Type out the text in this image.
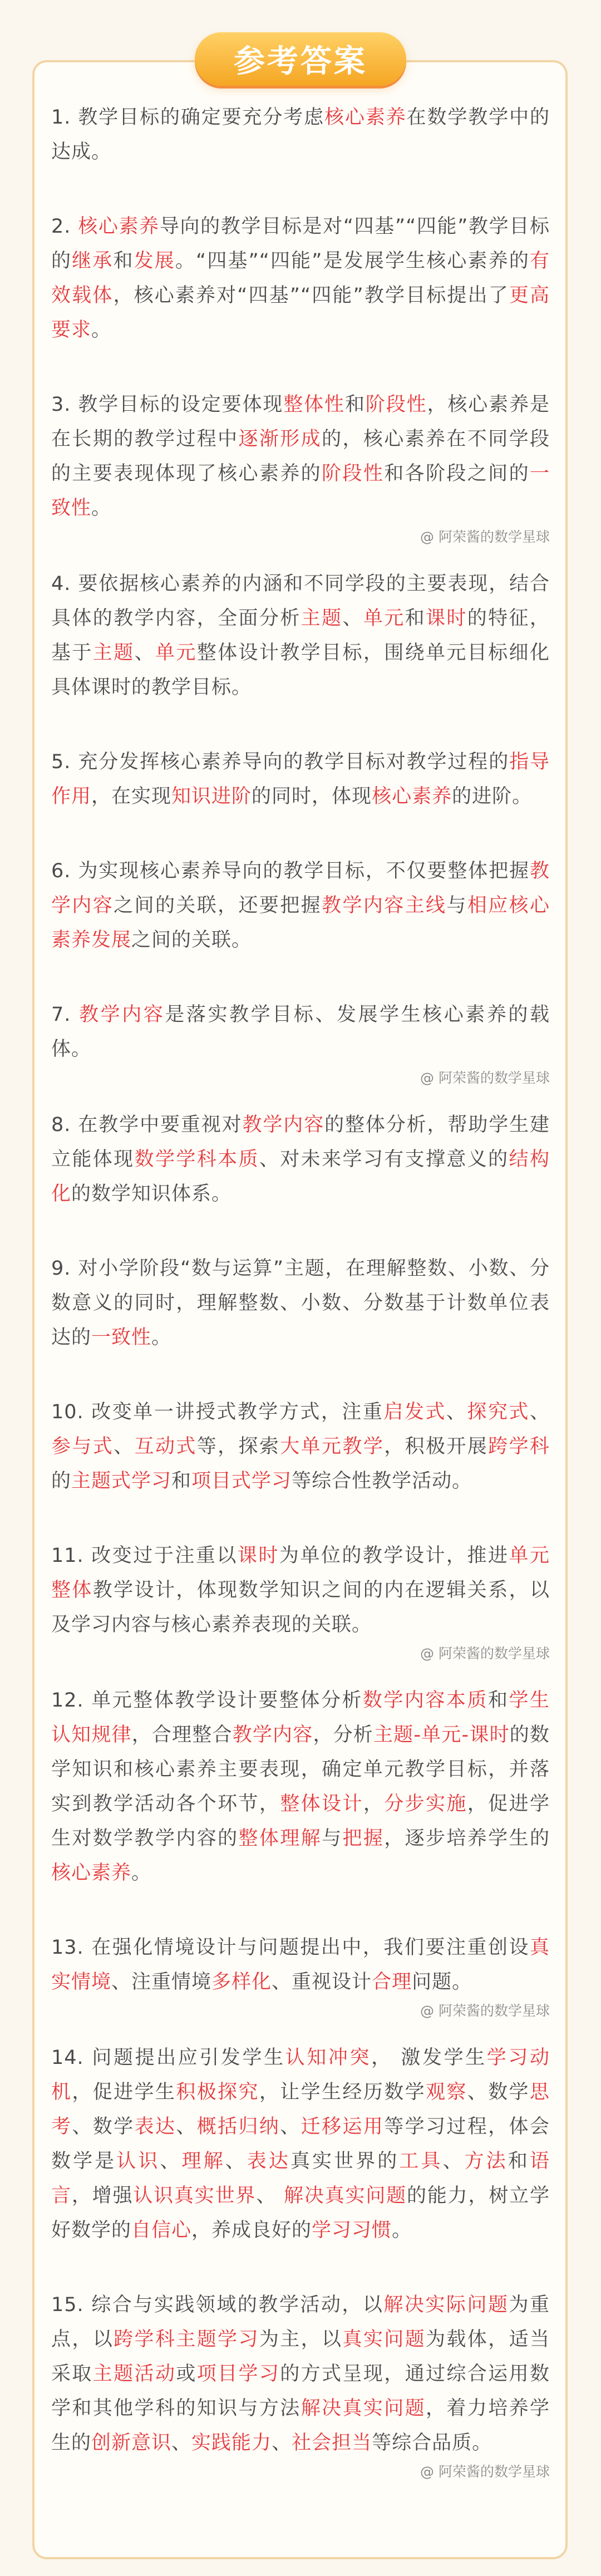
参考答案
1. 教学目标的确定要充分考虑核心素养在数学教学中的达成。
2. 核心素养导向的教学目标是对“四基”“四能”教学目标的继承和发展。“四基”“四能”是发展学生核心素养的有效载体，核心素养对“四基”“四能”教学目标提出了更高要求。
3. 教学目标的设定要体现整体性和阶段性，核心素养是在长期的教学过程中逐渐形成的，核心素养在不同学段的主要表现体现了核心素养的阶段性和各阶段之间的一致性。
@ 阿荣酱的数学星球
4. 要依据核心素养的内涵和不同学段的主要表现，结合具体的教学内容，全面分析主题、单元和课时的特征，基于主题、单元整体设计教学目标，围绕单元目标细化具体课时的教学目标。
5. 充分发挥核心素养导向的教学目标对教学过程的指导作用，在实现知识进阶的同时，体现核心素养的进阶。
6. 为实现核心素养导向的教学目标，不仅要整体把握教学内容之间的关联，还要把握教学内容主线与相应核心素养发展之间的关联。
7. 教学内容是落实教学目标、发展学生核心素养的载体。
@ 阿荣酱的数学星球
8. 在教学中要重视对教学内容的整体分析，帮助学生建立能体现数学学科本质、对未来学习有支撑意义的结构化的数学知识体系。
9. 对小学阶段“数与运算”主题，在理解整数、小数、分数意义的同时，理解整数、小数、分数基于计数单位表达的一致性。
10. 改变单一讲授式教学方式，注重启发式、探究式、参与式、互动式等，探索大单元教学，积极开展跨学科的主题式学习和项目式学习等综合性教学活动。
11. 改变过于注重以课时为单位的教学设计，推进单元整体教学设计，体现数学知识之间的内在逻辑关系，以及学习内容与核心素养表现的关联。
@ 阿荣酱的数学星球
12. 单元整体教学设计要整体分析数学内容本质和学生认知规律，合理整合教学内容，分析主题-单元-课时的数学知识和核心素养主要表现，确定单元教学目标，并落实到教学活动各个环节，整体设计，分步实施，促进学生对数学教学内容的整体理解与把握，逐步培养学生的核心素养。
13. 在强化情境设计与问题提出中，我们要注重创设真实情境、注重情境多样化、重视设计合理问题。
@ 阿荣酱的数学星球
14. 问题提出应引发学生认知冲突， 激发学生学习动机，促进学生积极探究，让学生经历数学观察、数学思考、数学表达、概括归纳、迁移运用等学习过程，体会数学是认识、理解、表达真实世界的工具、方法和语言，增强认识真实世界、 解决真实问题的能力，树立学好数学的自信心，养成良好的学习习惯。
15. 综合与实践领域的教学活动，以解决实际问题为重点，以跨学科主题学习为主，以真实问题为载体，适当采取主题活动或项目学习的方式呈现，通过综合运用数学和其他学科的知识与方法解决真实问题，着力培养学生的创新意识、实践能力、社会担当等综合品质。
@ 阿荣酱的数学星球
